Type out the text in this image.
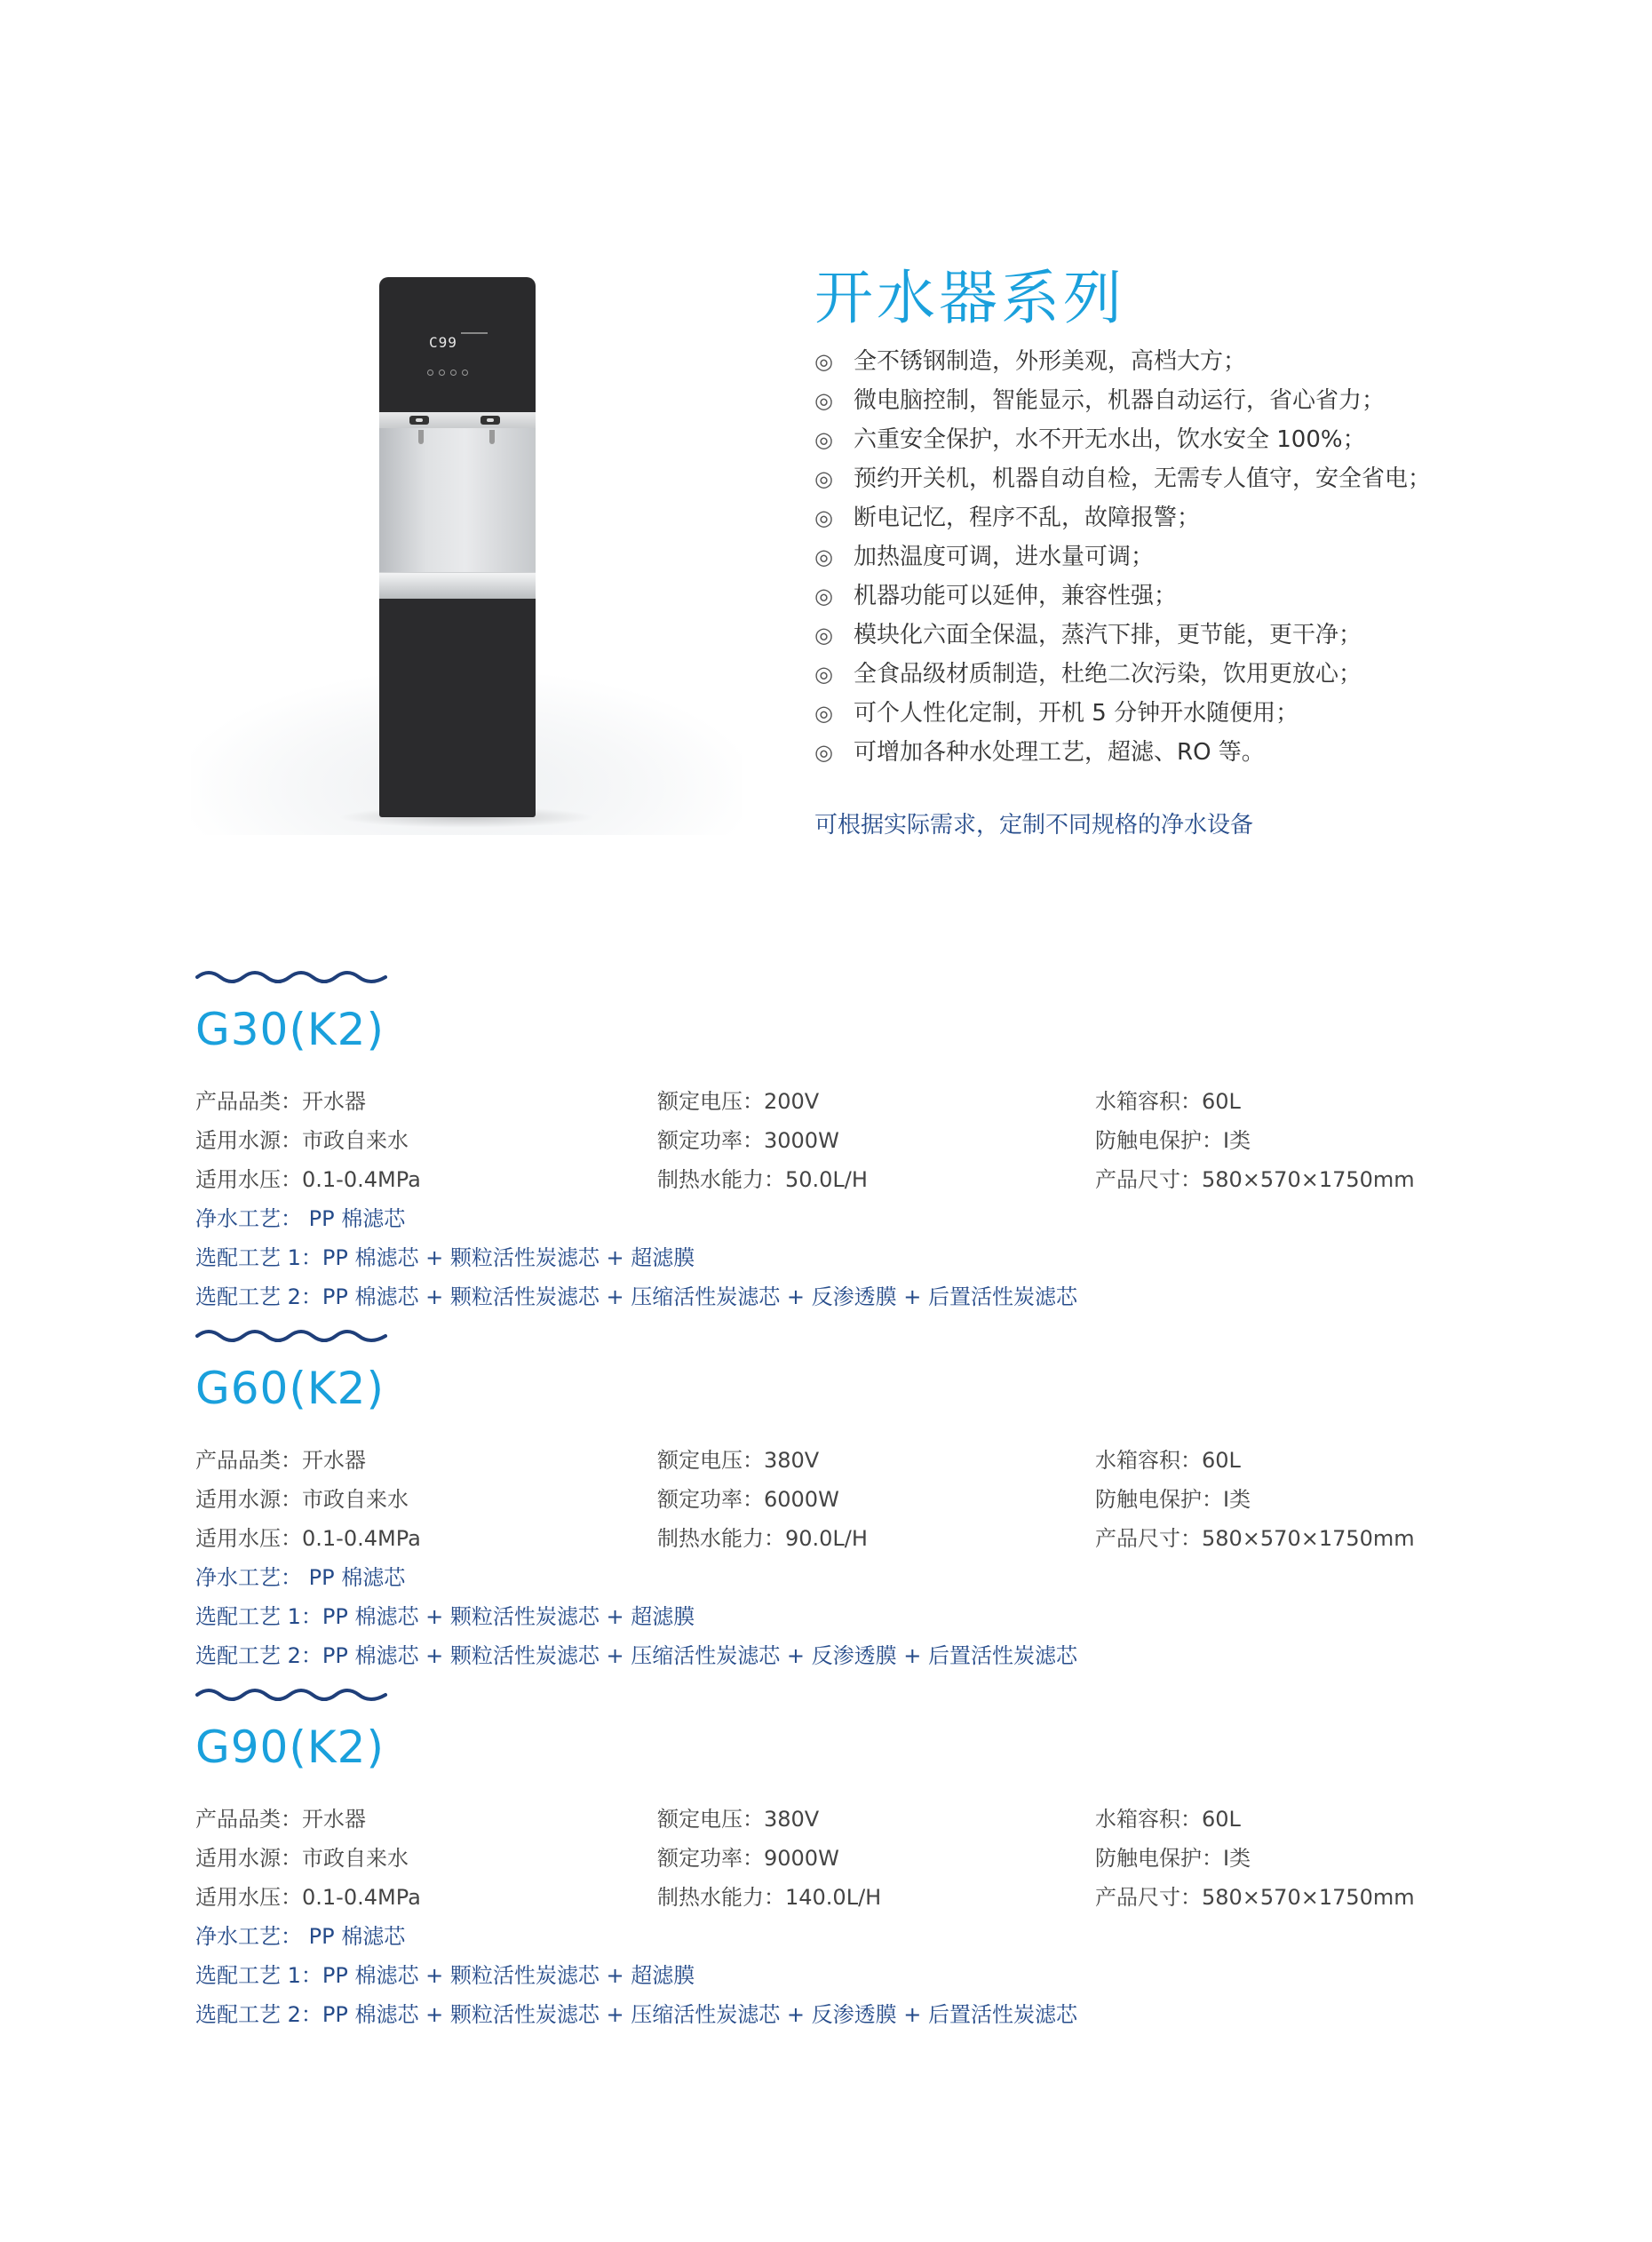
C99
开水器系列
◎ 全不锈钢制造，外形美观，高档大方；
◎ 微电脑控制，智能显示，机器自动运行，省心省力；
◎ 六重安全保护，水不开无水出，饮水安全 100%；
◎ 预约开关机，机器自动自检，无需专人值守，安全省电；
◎ 断电记忆，程序不乱，故障报警；
◎ 加热温度可调，进水量可调；
◎ 机器功能可以延伸，兼容性强；
◎ 模块化六面全保温，蒸汽下排，更节能，更干净；
◎ 全食品级材质制造，杜绝二次污染，饮用更放心；
◎ 可个人性化定制，开机 5 分钟开水随便用；
◎ 可增加各种水处理工艺，超滤、RO 等。
可根据实际需求，定制不同规格的净水设备
G30(K2)
产品品类：开水器
适用水源：市政自来水
适用水压：0.1-0.4MPa
额定电压：200V
额定功率：3000W
制热水能力：50.0L/H
水箱容积：60L
防触电保护：Ⅰ类
产品尺寸：580×570×1750mm
净水工艺： PP 棉滤芯
选配工艺 1：PP 棉滤芯 + 颗粒活性炭滤芯 + 超滤膜
选配工艺 2：PP 棉滤芯 + 颗粒活性炭滤芯 + 压缩活性炭滤芯 + 反渗透膜 + 后置活性炭滤芯
G60(K2)
产品品类：开水器
适用水源：市政自来水
适用水压：0.1-0.4MPa
额定电压：380V
额定功率：6000W
制热水能力：90.0L/H
水箱容积：60L
防触电保护：Ⅰ类
产品尺寸：580×570×1750mm
净水工艺： PP 棉滤芯
选配工艺 1：PP 棉滤芯 + 颗粒活性炭滤芯 + 超滤膜
选配工艺 2：PP 棉滤芯 + 颗粒活性炭滤芯 + 压缩活性炭滤芯 + 反渗透膜 + 后置活性炭滤芯
G90(K2)
产品品类：开水器
适用水源：市政自来水
适用水压：0.1-0.4MPa
额定电压：380V
额定功率：9000W
制热水能力：140.0L/H
水箱容积：60L
防触电保护：Ⅰ类
产品尺寸：580×570×1750mm
净水工艺： PP 棉滤芯
选配工艺 1：PP 棉滤芯 + 颗粒活性炭滤芯 + 超滤膜
选配工艺 2：PP 棉滤芯 + 颗粒活性炭滤芯 + 压缩活性炭滤芯 + 反渗透膜 + 后置活性炭滤芯
